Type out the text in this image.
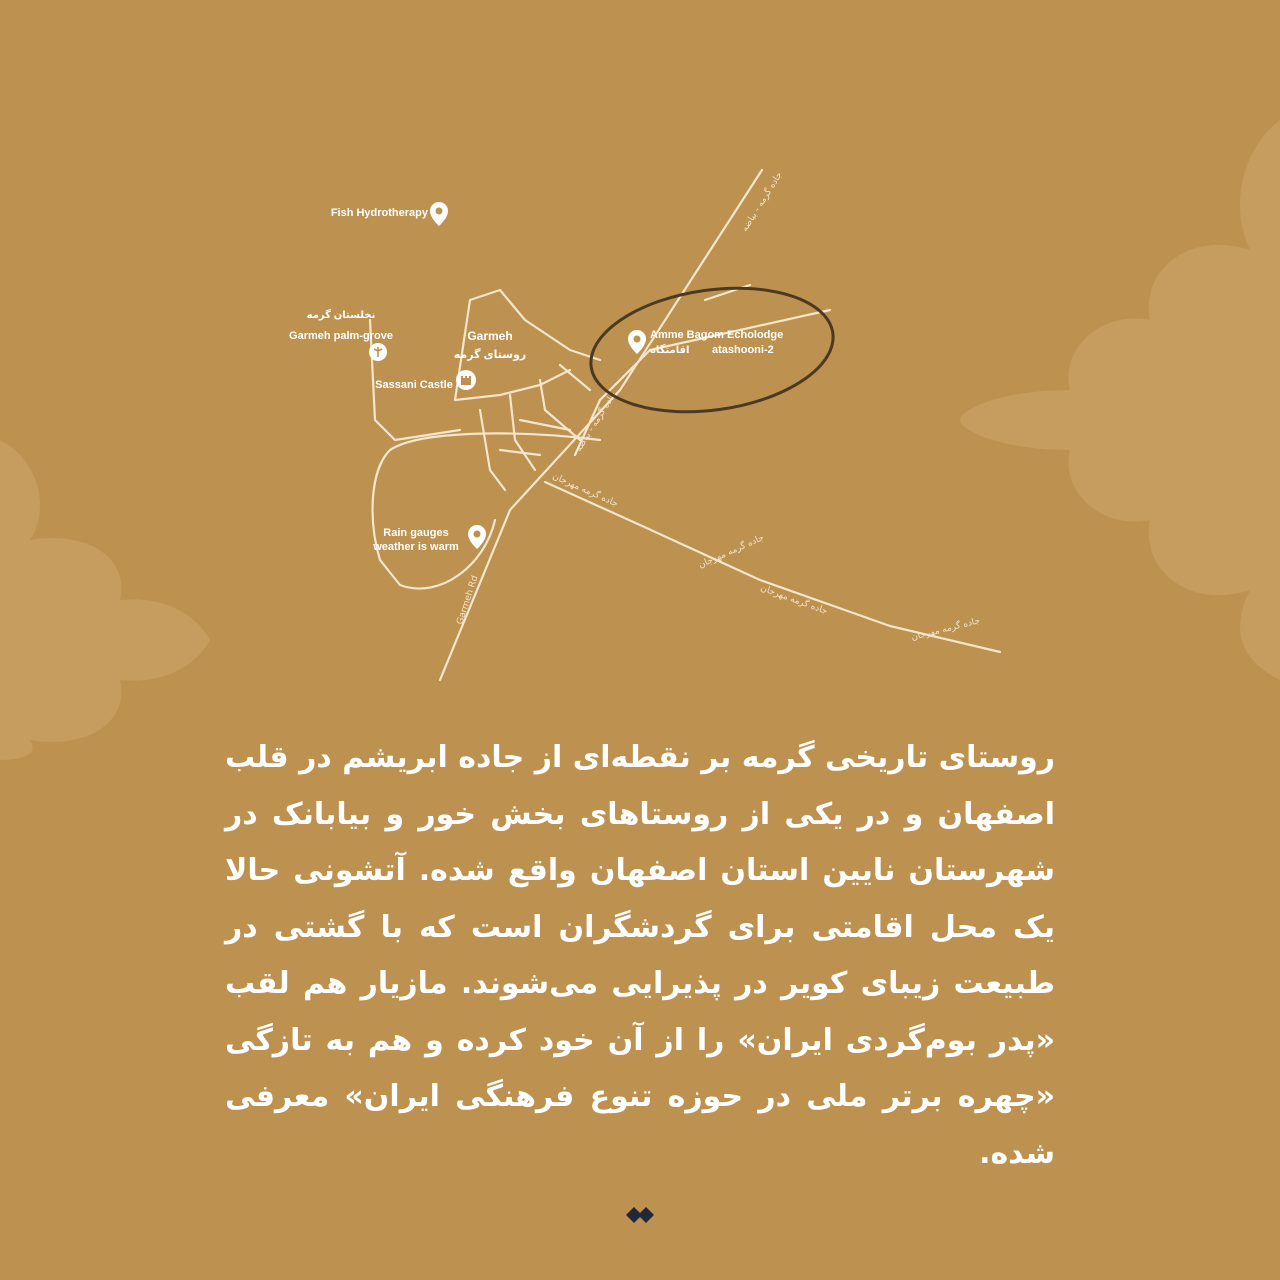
Garmeh Rd
جاده گرمه - بیاضه
جاده گرمه - بیاضه
جاده گرمه مهرجان
جاده گرمه مهرجان
جاده گرمه مهرجان
جاده گرمه مهرجان
Fish Hydrotherapy
نخلستان گرمه
Garmeh palm-grove	Garmeh
روستای گرمه
Sassani Castle
Rain gauges
weather is warm
Amme Bagom Echolodge
اقامتگاه atashooni-2
روستای تاریخی گرمه بر نقطه‌ای از جاده ابریشم در قلب اصفهان و در یکی از روستاهای بخش خور و بیابانک در شهرستان نایین استان اصفهان واقع شده. آتشونی حالا یک محل اقامتی برای گردشگران است که با گشتی در طبیعت زیبای کویر در پذیرایی می‌شوند. مازیار هم لقب «پدر بوم‌گردی ایران» را از آن خود کرده و هم به تازگی «چهره برتر ملی در حوزه تنوع فرهنگی ایران» معرفی شده.
